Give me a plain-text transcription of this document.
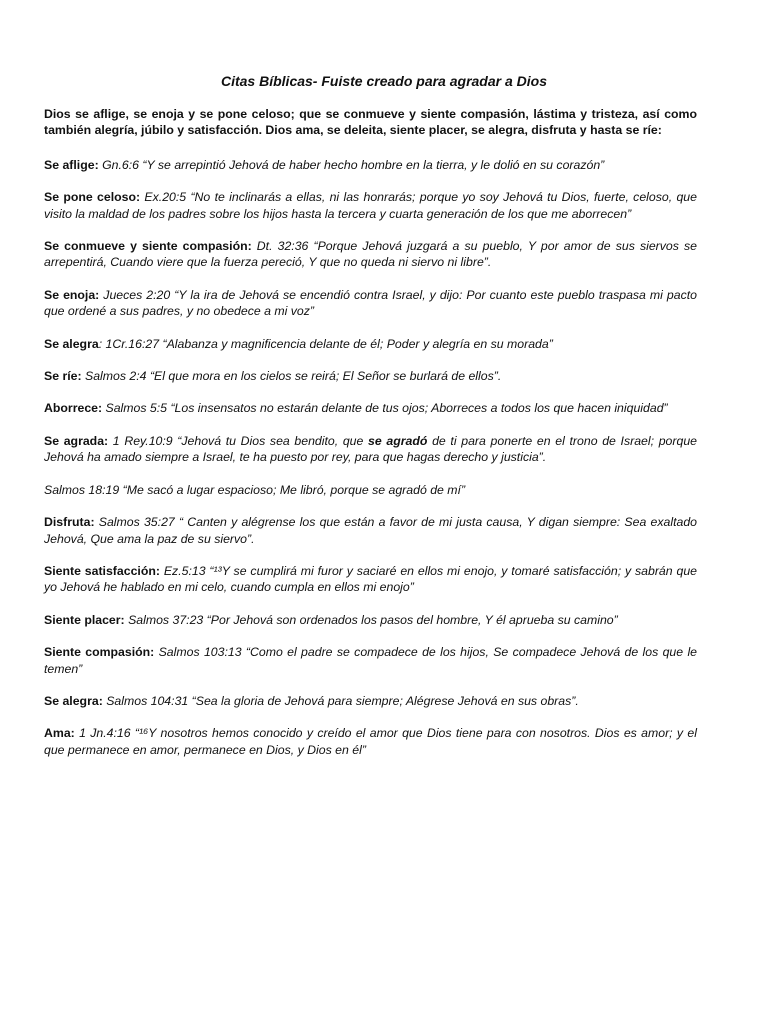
Citas Bíblicas- Fuiste creado para agradar a Dios

Dios se aflige, se enoja y se pone celoso; que se conmueve y siente compasión, lástima y tristeza, así como también alegría, júbilo y satisfacción. Dios ama, se deleita, siente placer, se alegra, disfruta y hasta se ríe:

Se aflige: Gn.6:6 “Y se arrepintió Jehová de haber hecho hombre en la tierra, y le dolió en su corazón”

Se pone celoso: Ex.20:5 “No te inclinarás a ellas, ni las honrarás; porque yo soy Jehová tu Dios, fuerte, celoso, que visito la maldad de los padres sobre los hijos hasta la tercera y cuarta generación de los que me aborrecen”

Se conmueve y siente compasión: Dt. 32:36 “Porque Jehová juzgará a su pueblo, Y por amor de sus siervos se arrepentirá, Cuando viere que la fuerza pereció, Y que no queda ni siervo ni libre”.

Se enoja: Jueces 2:20 “Y la ira de Jehová se encendió contra Israel, y dijo: Por cuanto este pueblo traspasa mi pacto que ordené a sus padres, y no obedece a mi voz”

Se alegra: 1Cr.16:27 “Alabanza y magnificencia delante de él; Poder y alegría en su morada”

Se ríe: Salmos 2:4 “El que mora en los cielos se reirá; El Señor se burlará de ellos”.

Aborrece: Salmos 5:5 “Los insensatos no estarán delante de tus ojos; Aborreces a todos los que hacen iniquidad”

Se agrada: 1 Rey.10:9 “Jehová tu Dios sea bendito, que se agradó de ti para ponerte en el trono de Israel; porque Jehová ha amado siempre a Israel, te ha puesto por rey, para que hagas derecho y justicia”.

Salmos 18:19 “Me sacó a lugar espacioso; Me libró, porque se agradó de mí”

Disfruta: Salmos 35:27 “ Canten y alégrense los que están a favor de mi justa causa, Y digan siempre: Sea exaltado Jehová, Que ama la paz de su siervo”.

Siente satisfacción: Ez.5:13 “¹³Y se cumplirá mi furor y saciaré en ellos mi enojo, y tomaré satisfacción; y sabrán que yo Jehová he hablado en mi celo, cuando cumpla en ellos mi enojo”

Siente placer: Salmos 37:23 “Por Jehová son ordenados los pasos del hombre, Y él aprueba su camino”

Siente compasión: Salmos 103:13 “Como el padre se compadece de los hijos, Se compadece Jehová de los que le temen”

Se alegra: Salmos 104:31 “Sea la gloria de Jehová para siempre; Alégrese Jehová en sus obras”.

Ama: 1 Jn.4:16 “¹⁶Y nosotros hemos conocido y creído el amor que Dios tiene para con nosotros. Dios es amor; y el que permanece en amor, permanece en Dios, y Dios en él”
